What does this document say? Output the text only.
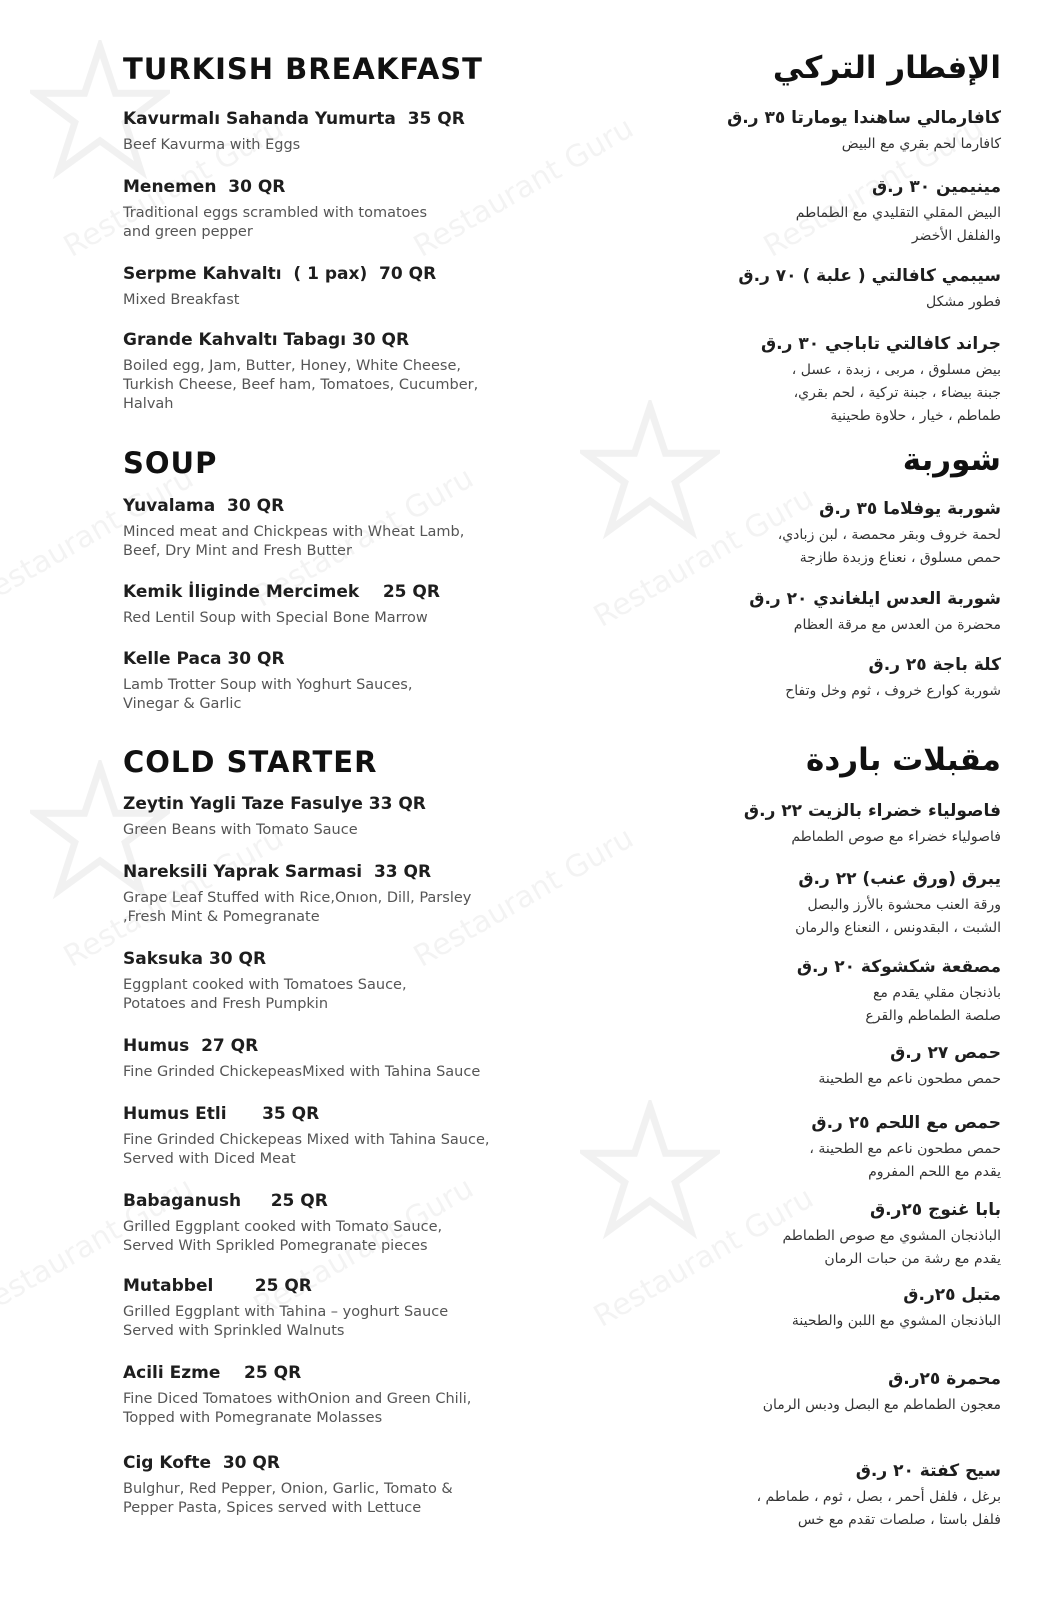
TURKISH BREAKFAST
Kavurmalı Sahanda Yumurta  35 QR
Beef Kavurma with Eggs
Menemen  30 QR
Traditional eggs scrambled with tomatoes
and green pepper
Serpme Kahvaltı  ( 1 pax)  70 QR
Mixed Breakfast
Grande Kahvaltı Tabagı 30 QR
Boiled egg, Jam, Butter, Honey, White Cheese,
Turkish Cheese, Beef ham, Tomatoes, Cucumber,
Halvah
SOUP
Yuvalama  30 QR
Minced meat and Chickpeas with Wheat Lamb,
Beef, Dry Mint and Fresh Butter
Kemik İliginde Mercimek    25 QR
Red Lentil Soup with Special Bone Marrow
Kelle Paca 30 QR
Lamb Trotter Soup with Yoghurt Sauces,
Vinegar & Garlic
COLD STARTER
Zeytin Yagli Taze Fasulye 33 QR
Green Beans with Tomato Sauce
Nareksili Yaprak Sarmasi  33 QR
Grape Leaf Stuffed with Rice,Onıon, Dill, Parsley
,Fresh Mint & Pomegranate
Saksuka 30 QR
Eggplant cooked with Tomatoes Sauce,
Potatoes and Fresh Pumpkin
Humus  27 QR
Fine Grinded ChickepeasMixed with Tahina Sauce
Humus Etli      35 QR
Fine Grinded Chickepeas Mixed with Tahina Sauce,
Served with Diced Meat
Babaganush     25 QR
Grilled Eggplant cooked with Tomato Sauce,
Served With Sprikled Pomegranate pieces
Mutabbel       25 QR
Grilled Eggplant with Tahina – yoghurt Sauce
Served with Sprinkled Walnuts
Acili Ezme    25 QR
Fine Diced Tomatoes withOnion and Green Chili,
Topped with Pomegranate Molasses
Cig Kofte  30 QR
Bulghur, Red Pepper, Onion, Garlic, Tomato &
Pepper Pasta, Spices served with Lettuce
الإفطار التركي
كافارمالي ساهندا يومارتا ٣٥ ر.ق
كافارما لحم بقري مع البيض
مينيمين ٣٠ ر.ق
البيض المقلي التقليدي مع الطماطم
والفلفل الأخضر
سيبمي كافالتي ( علبة ) ٧٠ ر.ق
فطور مشكل
جراند كافالتي تاباجي ٣٠ ر.ق
بيض مسلوق ، مربى ، زبدة ، عسل ،
جبنة بيضاء ، جبنة تركية ، لحم بقري،
طماطم ، خيار ، حلاوة طحينية
شوربة
شوربة يوفلاما ٣٥ ر.ق
لحمة خروف وبقر محمصة ، لبن زبادي،
حمص مسلوق ، نعناع وزبدة طازجة
شوربة العدس ايلغاندي ٢٠ ر.ق
محضرة من العدس مع مرقة العظام
كلة باجة ٢٥ ر.ق
شوربة كوارع خروف ، ثوم وخل وتفاح
مقبلات باردة
فاصولياء خضراء بالزيت ٢٢ ر.ق
فاصولياء خضراء مع صوص الطماطم
يبرق (ورق عنب) ٢٢ ر.ق
ورقة العنب محشوة بالأرز والبصل
الشبت ، البقدونس ، النعناع والرمان
مصقعة شكشوكة ٢٠ ر.ق
باذنجان مقلي يقدم مع
صلصة الطماطم والقرع
حمص ٢٧ ر.ق
حمص مطحون ناعم مع الطحينة
حمص مع اللحم ٢٥ ر.ق
حمص مطحون ناعم مع الطحينة ،
يقدم مع اللحم المفروم
بابا غنوج ٢٥ر.ق
الباذنجان المشوي مع صوص الطماطم
يقدم مع رشة من حبات الرمان
متبل ٢٥ر.ق
الباذنجان المشوي مع اللبن والطحينة
محمرة ٢٥ر.ق
معجون الطماطم مع البصل ودبس الرمان
سيح كفتة ٢٠ ر.ق
برغل ، فلفل أحمر ، بصل ، ثوم ، طماطم ،
فلفل باستا ، صلصات تقدم مع خس
